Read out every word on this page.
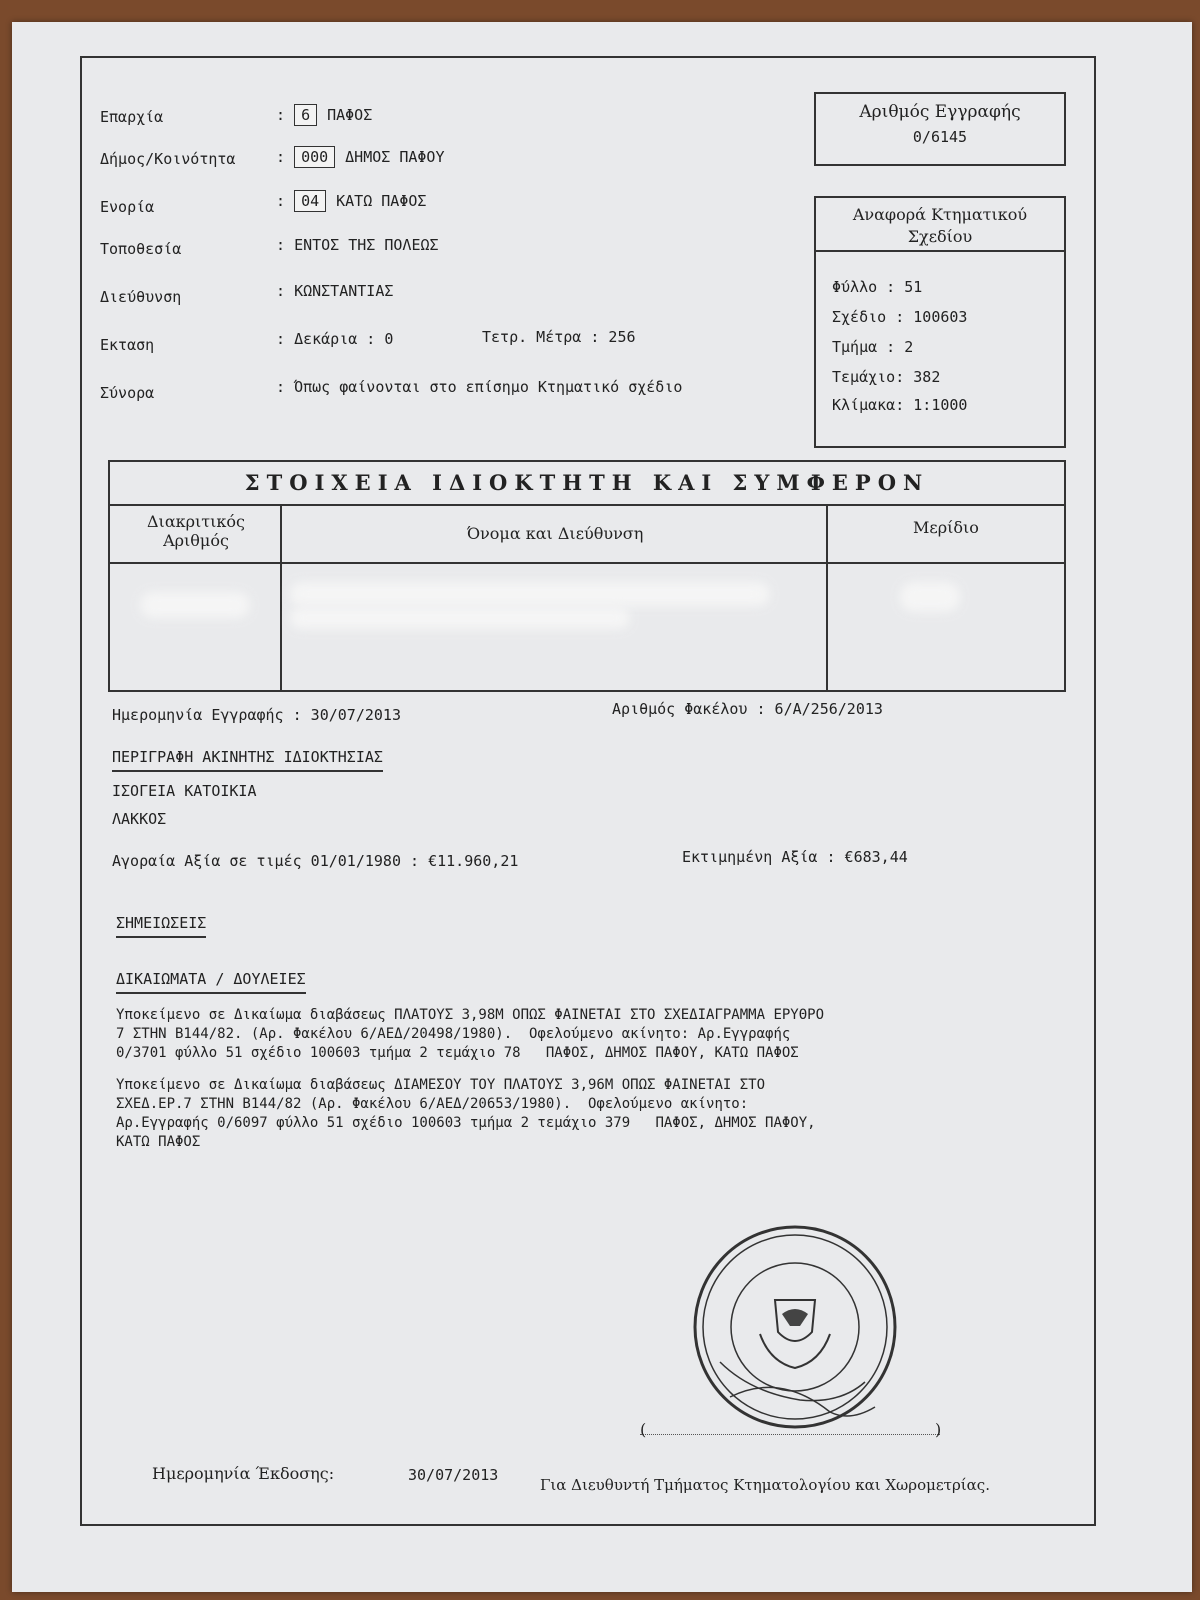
Επαρχία	: 6 ΠΑΦΟΣ
Δήμος/Κοινότητα	: 000 ΔΗΜΟΣ ΠΑΦΟΥ
Ενορία	: 04 ΚΑΤΩ ΠΑΦΟΣ
Τοποθεσία	: ΕΝΤΟΣ ΤΗΣ ΠΟΛΕΩΣ
Διεύθυνση	: ΚΩΝΣΤΑΝΤΙΑΣ
Εκταση	: Δεκάρια : 0	Τετρ. Μέτρα : 256
Σύνορα	: Όπως φαίνονται στο επίσημο Κτηματικό σχέδιο
Αριθμός Εγγραφής
0/6145
Αναφορά Κτηματικού
Σχεδίου
Φύλλο : 51
Σχέδιο : 100603
Τμήμα : 2
Τεμάχιο: 382
Κλίμακα: 1:1000
ΣΤΟΙΧΕΙΑ ΙΔΙΟΚΤΗΤΗ ΚΑΙ ΣΥΜΦΕΡΟΝ
Διακριτικός
Αριθμός	Όνομα και Διεύθυνση	Μερίδιο
Ημερομηνία Εγγραφής : 30/07/2013	Αριθμός Φακέλου : 6/Α/256/2013
ΠΕΡΙΓΡΑΦΗ ΑΚΙΝΗΤΗΣ ΙΔΙΟΚΤΗΣΙΑΣ
ΙΣΟΓΕΙΑ ΚΑΤΟΙΚΙΑ
ΛΑΚΚΟΣ
Αγοραία Αξία σε τιμές 01/01/1980 : €11.960,21	Εκτιμημένη Αξία : €683,44
ΣΗΜΕΙΩΣΕΙΣ
ΔΙΚΑΙΩΜΑΤΑ / ΔΟΥΛΕΙΕΣ
Υποκείμενο σε Δικαίωμα διαβάσεως ΠΛΑΤΟΥΣ 3,98Μ ΟΠΩΣ ΦΑΙΝΕΤΑΙ ΣΤΟ ΣΧΕΔΙΑΓΡΑΜΜΑ ΕΡΥΘΡΟ
7 ΣΤΗΝ Β144/82. (Αρ. Φακέλου 6/ΑΕΔ/20498/1980).  Οφελούμενο ακίνητο: Αρ.Εγγραφής
0/3701 φύλλο 51 σχέδιο 100603 τμήμα 2 τεμάχιο 78   ΠΑΦΟΣ, ΔΗΜΟΣ ΠΑΦΟΥ, ΚΑΤΩ ΠΑΦΟΣ
Υποκείμενο σε Δικαίωμα διαβάσεως ΔΙΑΜΕΣΟΥ ΤΟΥ ΠΛΑΤΟΥΣ 3,96Μ ΟΠΩΣ ΦΑΙΝΕΤΑΙ ΣΤΟ
ΣΧΕΔ.ΕΡ.7 ΣΤΗΝ Β144/82 (Αρ. Φακέλου 6/ΑΕΔ/20653/1980).  Οφελούμενο ακίνητο:
Αρ.Εγγραφής 0/6097 φύλλο 51 σχέδιο 100603 τμήμα 2 τεμάχιο 379   ΠΑΦΟΣ, ΔΗΜΟΣ ΠΑΦΟΥ,
ΚΑΤΩ ΠΑΦΟΣ
(	)
Ημερομηνία Έκδοσης:	30/07/2013
Για Διευθυντή Τμήματος Κτηματολογίου και Χωρομετρίας.
